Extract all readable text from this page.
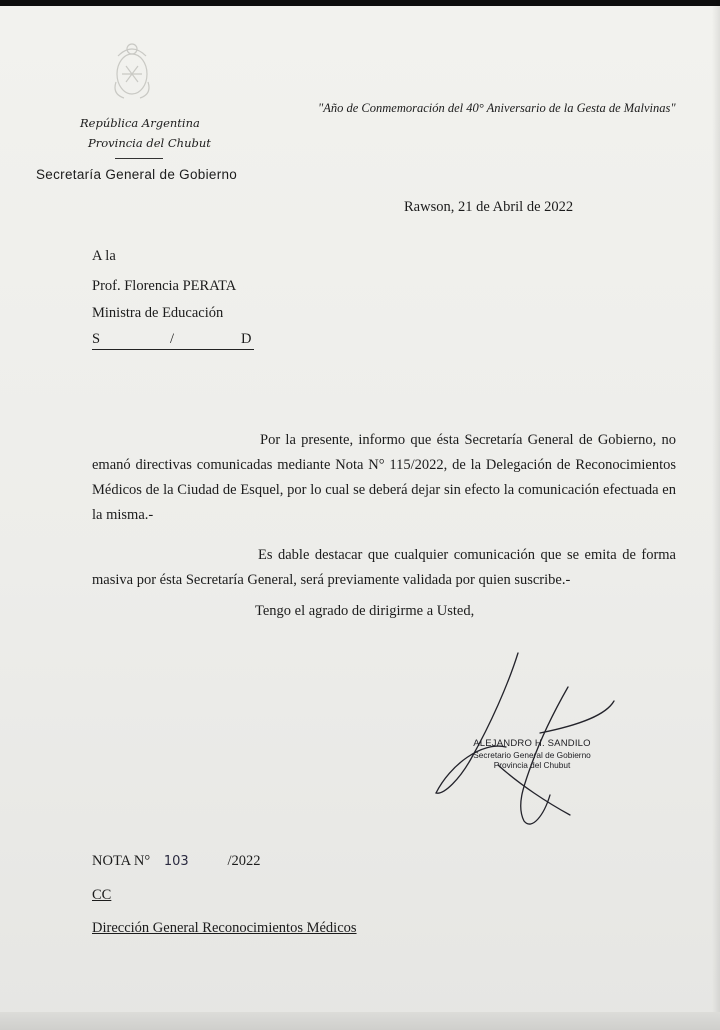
"Año de Conmemoración del 40° Aniversario de la Gesta de Malvinas"
República Argentina
Provincia del Chubut
Secretaría General de Gobierno
Rawson, 21 de Abril de 2022
A la
Prof. Florencia PERATA
Ministra de Educación
S	/	D
Por la presente, informo que ésta Secretaría General de Gobierno, no emanó directivas comunicadas mediante Nota N° 115/2022, de la Delegación de Reconocimientos Médicos de la Ciudad de Esquel, por lo cual se deberá dejar sin efecto la comunicación efectuada en la misma.-
Es dable destacar que cualquier comunicación que se emita de forma masiva por ésta Secretaría General, será previamente validada por quien suscribe.-
Tengo el agrado de dirigirme a Usted,
ALEJANDRO H. SANDILO
Secretario General de Gobierno
Provincia del Chubut
NOTA N° 103	/2022
CC
Dirección General Reconocimientos Médicos
